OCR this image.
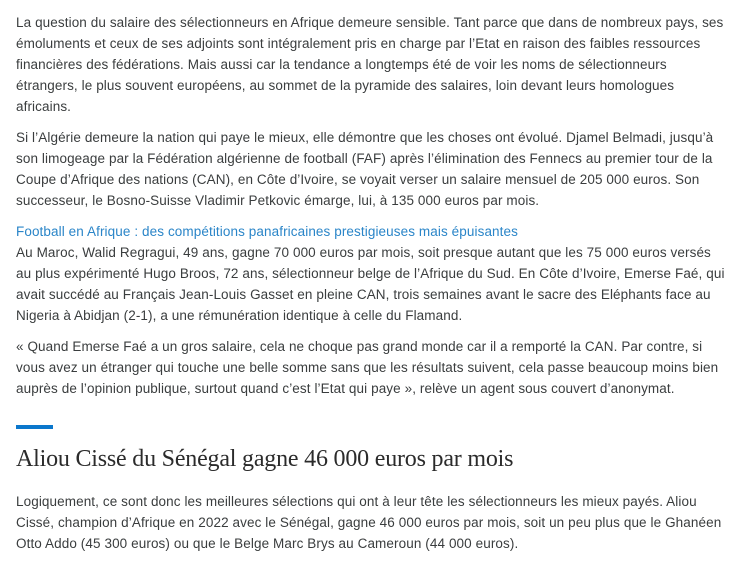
La question du salaire des sélectionneurs en Afrique demeure sensible. Tant parce que dans de nombreux pays, ses émoluments et ceux de ses adjoints sont intégralement pris en charge par l’Etat en raison des faibles ressources financières des fédérations. Mais aussi car la tendance a longtemps été de voir les noms de sélectionneurs étrangers, le plus souvent européens, au sommet de la pyramide des salaires, loin devant leurs homologues africains.

Si l’Algérie demeure la nation qui paye le mieux, elle démontre que les choses ont évolué. Djamel Belmadi, jusqu’à son limogeage par la Fédération algérienne de football (FAF) après l’élimination des Fennecs au premier tour de la Coupe d’Afrique des nations (CAN), en Côte d’Ivoire, se voyait verser un salaire mensuel de 205 000 euros. Son successeur, le Bosno-Suisse Vladimir Petkovic émarge, lui, à 135 000 euros par mois.

Football en Afrique : des compétitions panafricaines prestigieuses mais épuisantes
Au Maroc, Walid Regragui, 49 ans, gagne 70 000 euros par mois, soit presque autant que les 75 000 euros versés au plus expérimenté Hugo Broos, 72 ans, sélectionneur belge de l’Afrique du Sud. En Côte d’Ivoire, Emerse Faé, qui avait succédé au Français Jean-Louis Gasset en pleine CAN, trois semaines avant le sacre des Eléphants face au Nigeria à Abidjan (2-1), a une rémunération identique à celle du Flamand.

« Quand Emerse Faé a un gros salaire, cela ne choque pas grand monde car il a remporté la CAN. Par contre, si vous avez un étranger qui touche une belle somme sans que les résultats suivent, cela passe beaucoup moins bien auprès de l’opinion publique, surtout quand c’est l’Etat qui paye », relève un agent sous couvert d’anonymat.

Aliou Cissé du Sénégal gagne 46 000 euros par mois

Logiquement, ce sont donc les meilleures sélections qui ont à leur tête les sélectionneurs les mieux payés. Aliou Cissé, champion d’Afrique en 2022 avec le Sénégal, gagne 46 000 euros par mois, soit un peu plus que le Ghanéen Otto Addo (45 300 euros) ou que le Belge Marc Brys au Cameroun (44 000 euros).
